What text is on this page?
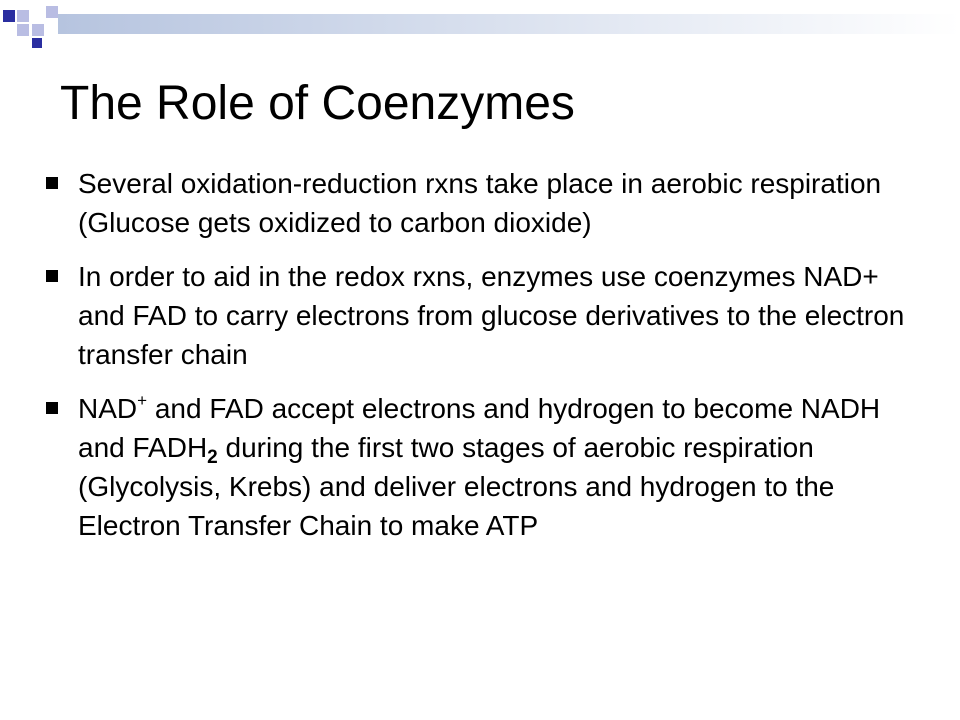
The Role of Coenzymes
Several oxidation-reduction rxns take place in aerobic respiration (Glucose gets oxidized to carbon dioxide)
In order to aid in the redox rxns, enzymes use coenzymes NAD+ and FAD to carry electrons from glucose derivatives to the electron transfer chain
NAD+ and FAD accept electrons and hydrogen to become NADH and $FADH_2$ during the first two stages of aerobic respiration (Glycolysis, Krebs) and deliver electrons and hydrogen to the Electron Transfer Chain to make ATP
